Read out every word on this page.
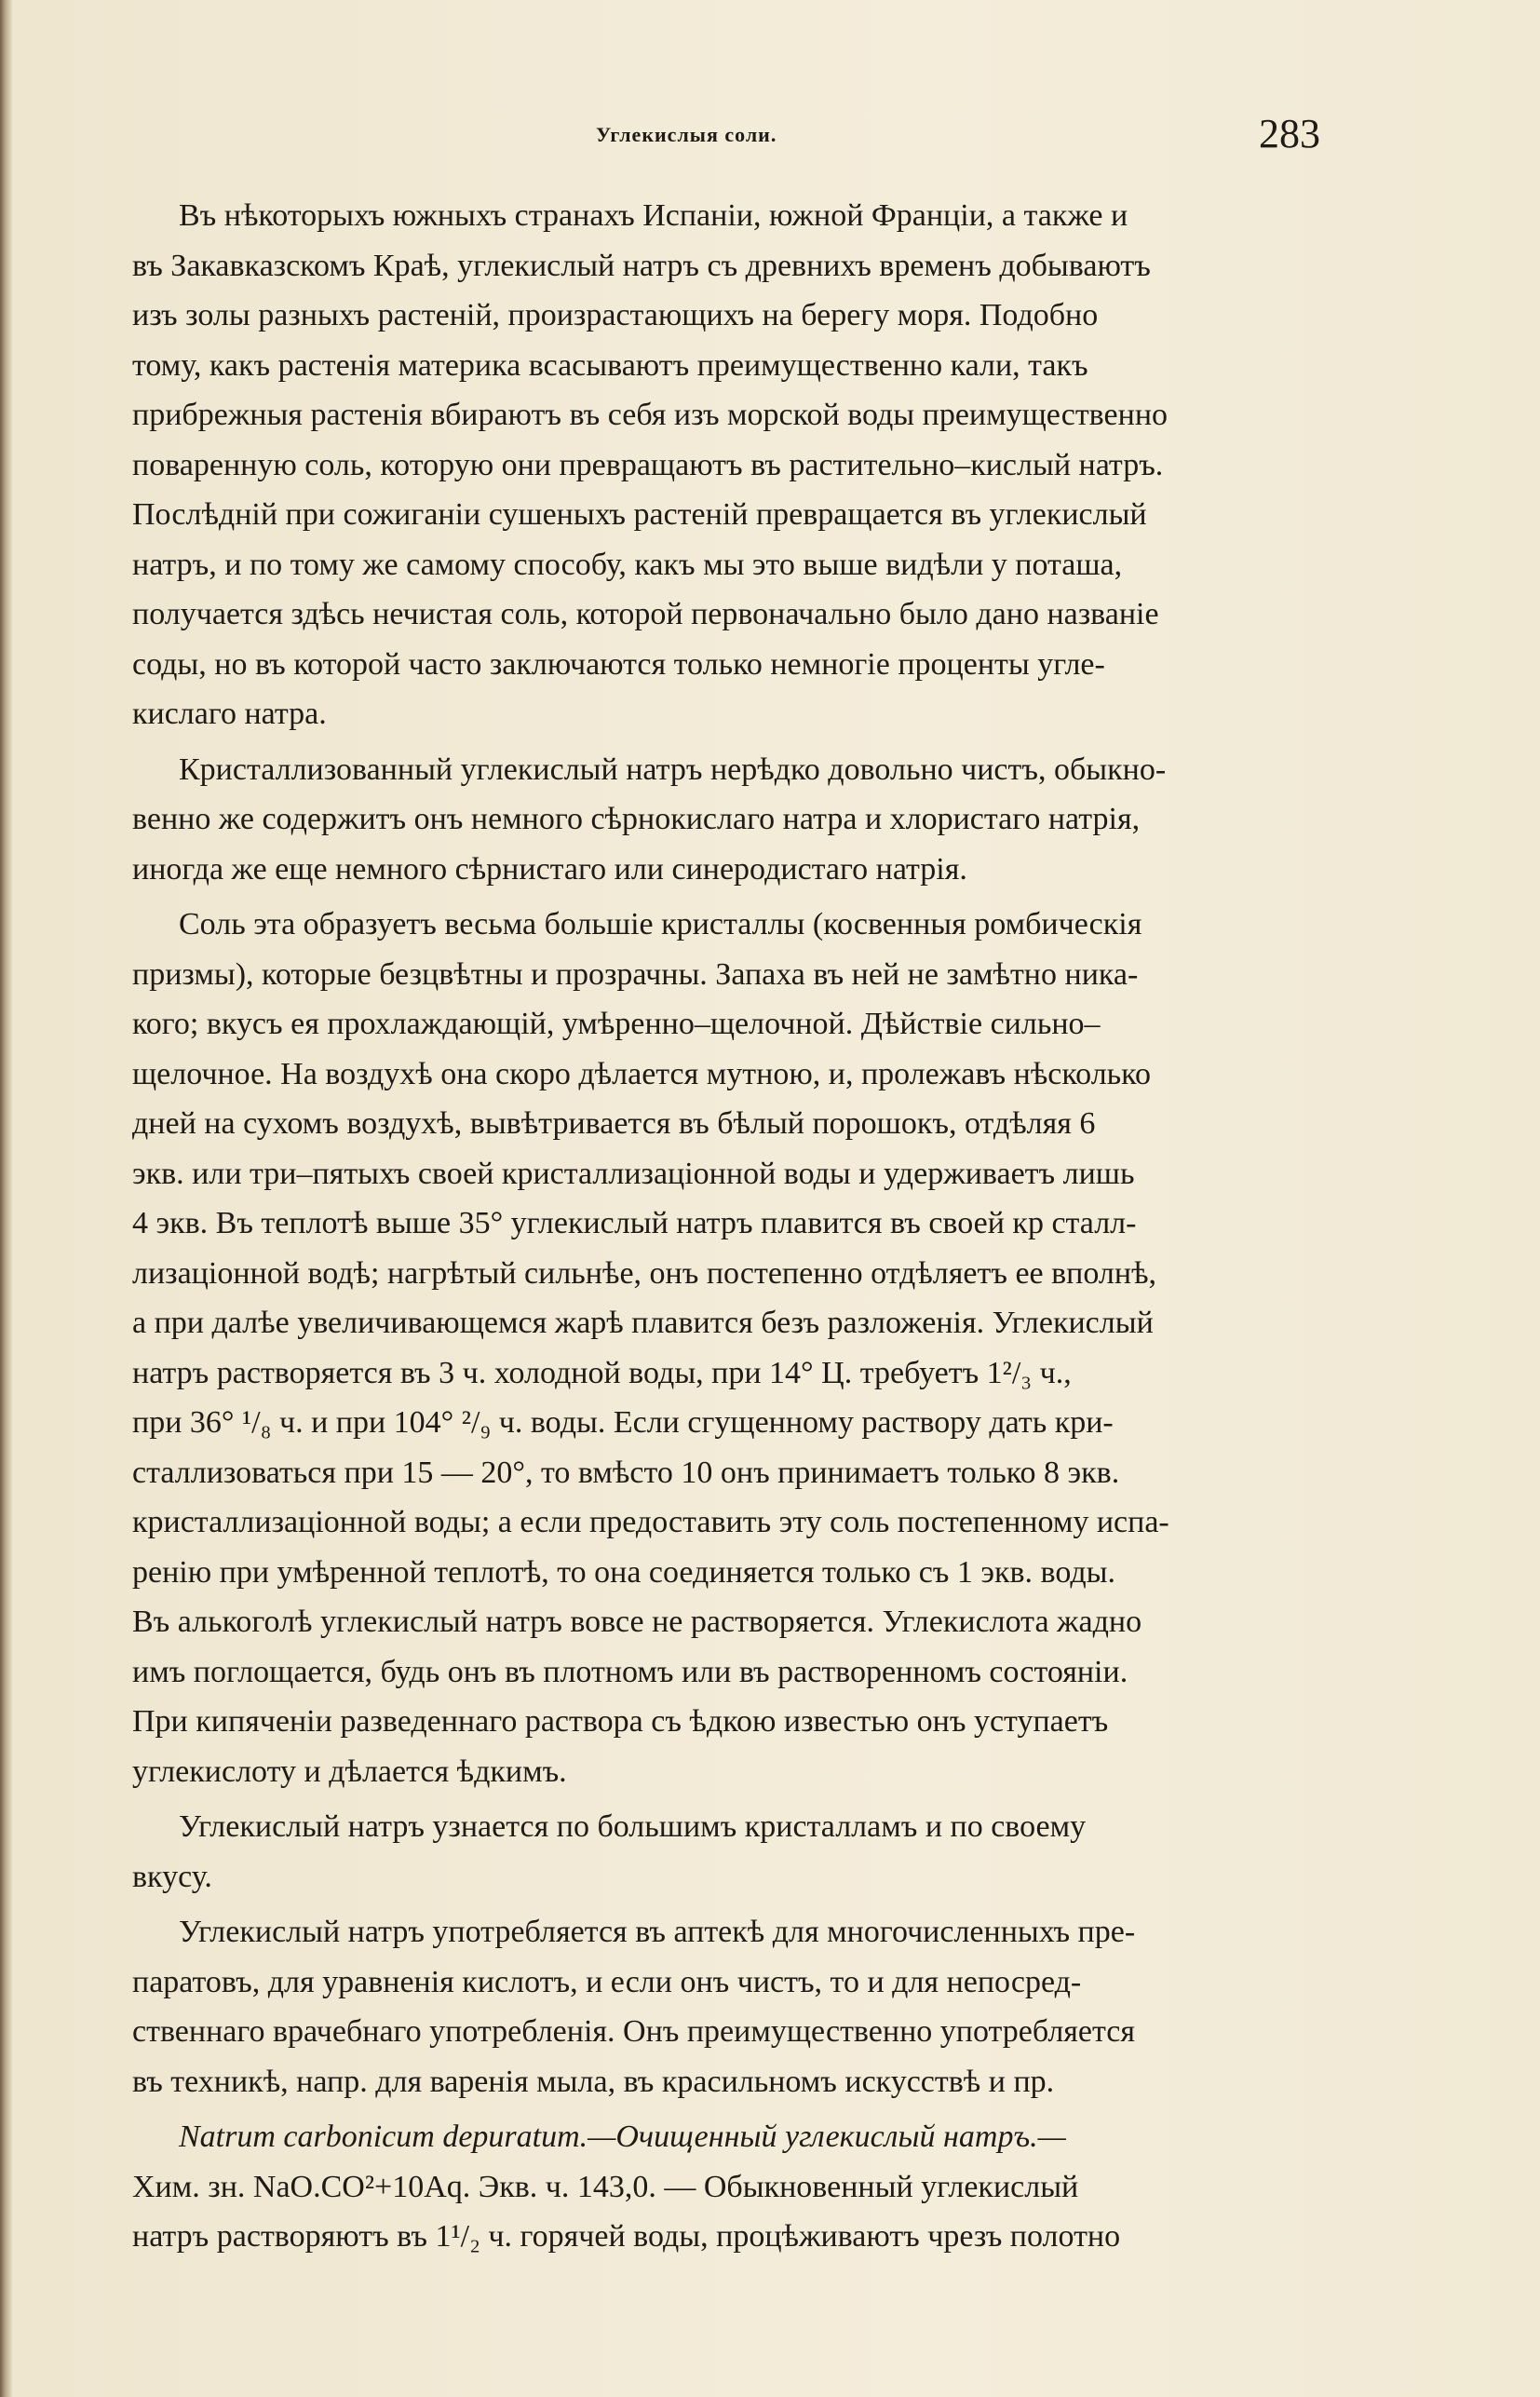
Углекислыя соли.	283

Въ нѣкоторыхъ южныхъ странахъ Испаніи, южной Франціи, а также и
въ Закавказскомъ Краѣ, углекислый натръ съ древнихъ временъ добываютъ
изъ золы разныхъ растеній, произрастающихъ на берегу моря. Подобно
тому, какъ растенія материка всасываютъ преимущественно кали, такъ
прибрежныя растенія вбираютъ въ себя изъ морской воды преимущественно
поваренную соль, которую они превращаютъ въ растительно–кислый натръ.
Послѣдній при сожиганіи сушеныхъ растеній превращается въ углекислый
натръ, и по тому же самому способу, какъ мы это выше видѣли у поташа,
получается здѣсь нечистая соль, которой первоначально было дано названіе
соды, но въ которой часто заключаются только немногіе проценты угле-
кислаго натра.

Кристаллизованный углекислый натръ нерѣдко довольно чистъ, обыкно-
венно же содержитъ онъ немного сѣрнокислаго натра и хлористаго натрія,
иногда же еще немного сѣрнистаго или синеродистаго натрія.

Соль эта образуетъ весьма большіе кристаллы (косвенныя ромбическія
призмы), которые безцвѣтны и прозрачны. Запаха въ ней не замѣтно ника-
кого; вкусъ ея прохлаждающій, умѣренно–щелочной. Дѣйствіе сильно–
щелочное. На воздухѣ она скоро дѣлается мутною, и, пролежавъ нѣсколько
дней на сухомъ воздухѣ, вывѣтривается въ бѣлый порошокъ, отдѣляя 6
экв. или три–пятыхъ своей кристаллизаціонной воды и удерживаетъ лишь
4 экв. Въ теплотѣ выше 35° углекислый натръ плавится въ своей кр сталл-
лизаціонной водѣ; нагрѣтый сильнѣе, онъ постепенно отдѣляетъ ее вполнѣ,
а при далѣе увеличивающемся жарѣ плавится безъ разложенія. Углекислый
натръ растворяется въ 3 ч. холодной воды, при 14° Ц. требуетъ 1²/₃ ч.,
при 36° ¹/₈ ч. и при 104° ²/₉ ч. воды. Если сгущенному раствору дать кри-
сталлизоваться при 15 — 20°, то вмѣсто 10 онъ принимаетъ только 8 экв.
кристаллизаціонной воды; а если предоставить эту соль постепенному испа-
ренію при умѣренной теплотѣ, то она соединяется только съ 1 экв. воды.
Въ алькоголѣ углекислый натръ вовсе не растворяется. Углекислота жадно
имъ поглощается, будь онъ въ плотномъ или въ растворенномъ состояніи.
При кипяченіи разведеннаго раствора съ ѣдкою известью онъ уступаетъ
углекислоту и дѣлается ѣдкимъ.

Углекислый натръ узнается по большимъ кристалламъ и по своему
вкусу.

Углекислый натръ употребляется въ аптекѣ для многочисленныхъ пре-
паратовъ, для уравненія кислотъ, и если онъ чистъ, то и для непосред-
ственнаго врачебнаго употребленія. Онъ преимущественно употребляется
въ техникѣ, напр. для варенія мыла, въ красильномъ искусствѣ и пр.

Natrum carbonicum depuratum.—Очищенный углекислый натръ.—
Хим. зн. NaO.CO²+10Aq. Экв. ч. 143,0. — Обыкновенный углекислый
натръ растворяютъ въ 1¹/₂ ч. горячей воды, процѣживаютъ чрезъ полотно
